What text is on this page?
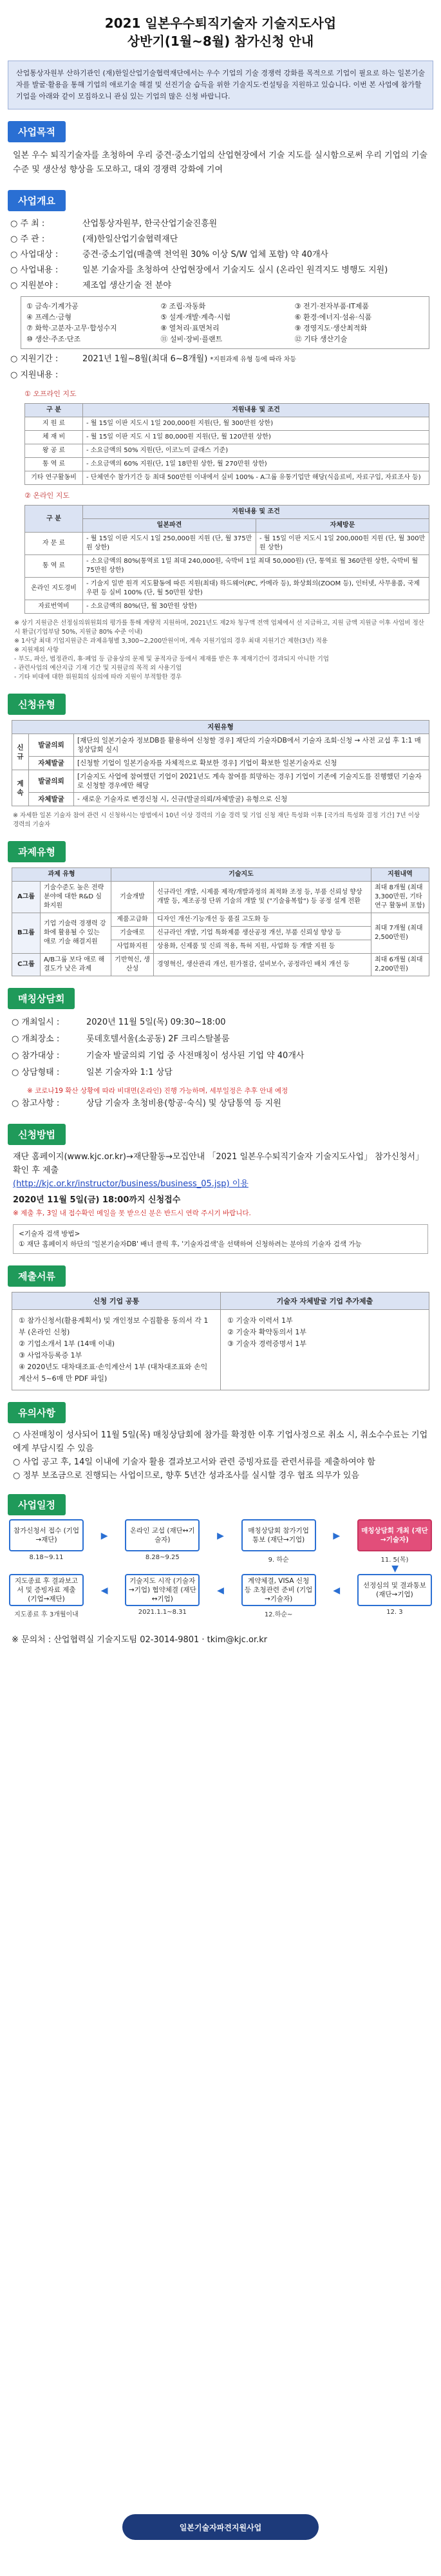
2021 일본우수퇴직기술자 기술지도사업
상반기(1월~8월) 참가신청 안내
산업통상자원부 산하기관인 (재)한일산업기술협력재단에서는 우수 기업의 기술 경쟁력 강화를 목적으로 기업이 필요로 하는 일본기술자를 발굴·활용을 통해 기업의 애로기술 해결 및 선진기술 습득을 위한 기술지도·컨설팅을 지원하고 있습니다. 이번 본 사업에 참가할 기업을 아래와 같이 모집하오니 관심 있는 기업의 많은 신청 바랍니다.
사업목적
일본 우수 퇴직기술자를 초청하여 우리 중견·중소기업의 산업현장에서 기술 지도를 실시함으로써 우리 기업의 기술수준 및 생산성 향상을 도모하고, 대외 경쟁력 강화에 기여
사업개요
○ 주 최 :	산업통상자원부, 한국산업기술진흥원
○ 주 관 :	(재)한일산업기술협력재단
○ 사업대상 :	중견·중소기업(매출액 천억원 30% 이상 S/W 업체 포함) 약 40개사
○ 사업내용 :	일본 기술자를 초청하여 산업현장에서 기술지도 실시 (온라인 원격지도 병행도 지원)
○ 지원분야 :	제조업 생산기술 전 분야
① 금속·기계가공	② 조립·자동화	③ 전기·전자부품·IT제품
④ 프레스·금형	⑤ 설계·개발·계측·시험	⑥ 환경·에너지·섬유·식품
⑦ 화학·고분자·고무·합성수지	⑧ 열처리·표면처리	⑨ 경영지도·생산최적화
⑩ 생산·주조·단조	⑪ 설비·장비·플랜트	⑫ 기타 생산기술
○ 지원기간 :	2021년 1월~8월(최대 6~8개월) *지원과제 유형 등에 따라 차등
○ 지원내용 :
① 오프라인 지도
구 분	지원내용 및 조건
지 원 료	- 월 15일 이판 지도시 1일 200,000원 지원(단, 월 300만원 상한)
체 재 비	- 월 15일 이판 지도 시 1일 80,000원 지원(단, 월 120만원 상한)
왕 공 료	- 소요금액의 50% 지원(단, 이코노미 클래스 기준)
통 역 료	- 소요금액의 60% 지원(단, 1일 18만원 상한, 월 270만원 상한)
기타 연구활동비	- 단체연수 참가기간 등 최대 500만원 이내에서 실비 100% - A그룹 유통기업만 해당(식음료비, 자료구입, 자료조사 등)
② 온라인 지도
구 분	지원내용 및 조건	
	일본파견	자체방문
자 문 료	- 월 15일 이판 지도시 1일 250,000원 지원 (단, 월 375만원 상한)	- 월 15일 이판 지도시 1일 200,000원 지원 (단, 월 300만원 상한)
통 역 료	- 소요금액의 80%(통역료 1일 최대 240,000원, 숙박비 1일 최대 50,000원) (단, 통역료 월 360만원 상한, 숙박비 월 75만원 상한)	
온라인 지도경비	- 기술지 일반 원격 지도활동에 따른 지원(최대) 하드웨어(PC, 카메라 등), 화상회의(ZOOM 등), 인터넷, 사무용품, 국제우편 등 실비 100% (단, 월 50만원 상한)	
자료번역비	- 소요금액의 80%(단, 월 30만원 상한)	
※ 상기 지원금은 선정심의위원회의 평가를 통해 계량적 지원하며, 2021년도 제2차 청구액 전액 업체에서 선 지급하고, 지원 금액 지원금 이후 사업비 정산 시 환급(기업부담 50%, 지원금 80% 수준 이내)
※ 1사당 최대 기업지원금은 과제유형별 3,300~2,200만원이며, 계속 지원기업의 경우 최대 지원기간 제한(3년) 적용
※ 지원제외 사항
- 부도, 파산, 법정관리, 휴·폐업 등 금융상의 문제 및 공적자금 등에서 제재를 받은 후 제재기간이 경과되지 아니한 기업
- 관련사업의 예산지급 기재 기간 및 지원금의 목적 외 사용기업
- 기타 비대에 대한 위원회의 심의에 따라 지원이 부적합한 경우
신청유형
지원유형		
신 규	발굴의뢰	[재단의 일본기술자 정보DB를 활용하여 신청할 경우] 재단의 기술자DB에서 기술자 조회·신청 → 사전 교섭 후 1:1 매칭상담회 실시
	자체발굴	[신청할 기업이 일본기술자를 자체적으로 확보한 경우] 기업이 확보한 일본기술자로 신청
계 속	발굴의뢰	[기술지도 사업에 참여했던 기업이 2021년도 계속 참여를 희망하는 경우] 기업이 기존에 기술지도를 진행했던 기술자로 신청할 경우에만 해당
	자체발굴	- 새로운 기술자로 변경신청 시, 신규(발굴의뢰/자체발굴) 유형으로 신청
※ 자세한 일본 기술자 참여 관련 시 신청하시는 방법에서 10년 이상 경력의 기술 경력 및 기업 신청 재단 특성화 이후 [국가의 특성화 결정 기간] 7년 이상 경력의 기술자
과제유형
과제 유형		기술지도		지원내역
A그룹	기술수준도 높은 전략분야에 대한 R&D 심화지원	기술개발	신규라인 개발, 시제품 제작/개발과정의 최적화 조정 등, 부품 신뢰성 향상 개발 등, 제조공정 단위 기술의 개발 및 ("기술융복합") 등 공정 설계 전환	최대 8개월 (최대 3,300만원, 기타 연구 활동비 포함)
B그룹	기업 기술력 경쟁력 강화에 활용될 수 있는 애로 기술 해결지원	제품고급화	디자인 개선·기능개선 등 품질 고도화 등	최대 7개월 (최대 2,500만원)
		기술애로	신규라인 개발, 기업 특화제품 생산공정 개선, 부품 신뢰성 향상 등	
		사업화지원	상용화, 신제품 및 신뢰 적용, 특허 지원, 사업화 등 개발 지원 등	
C그룹	A/B그룹 보다 애로 해결도가 낮은 과제	기반혁신, 생산성	경영혁신, 생산관리 개선, 원가절감, 설비보수, 공정라인 배치 개선 등	최대 6개월 (최대 2,200만원)
매칭상담회
○ 개최일시 :	2020년 11월 5일(목) 09:30~18:00
○ 개최장소 :	롯데호텔서울(소공동) 2F 크리스탈볼룸
○ 참가대상 :	기술자 발굴의뢰 기업 중 사전매칭이 성사된 기업 약 40개사
○ 상담형태 :	일본 기술자와 1:1 상담
※ 코로나19 확산 상황에 따라 비대면(온라인) 진행 가능하며, 세부일정은 추후 안내 예정
○ 참고사항 :	상담 기술자 초청비용(항공·숙식) 및 상담통역 등 지원
신청방법
재단 홈페이지(www.kjc.or.kr)→재단활동→모집안내 「2021 일본우수퇴직기술자 기술지도사업」 참가신청서」 확인 후 제출
(http://kjc.or.kr/instructor/business/business_05.jsp) 이용
2020년 11월 5일(금) 18:00까지 신청접수
※ 제출 후, 3일 내 접수확인 메일을 못 받으신 분은 반드시 연락 주시기 바랍니다.
<기술자 검색 방법>
① 재단 홈페이지 하단의 '일본기술자DB' 배너 클릭 후, '기술자검색'을 선택하여 신청하려는 분야의 기술자 검색 가능
제출서류
신청 기업 공통
① 참가신청서(활용계획서) 및 개인정보 수집활용 동의서 각 1부 (온라인 신청)
② 기업소개서 1부 (14매 이내)
③ 사업자등록증 1부
④ 2020년도 대차대조표·손익계산서 1부 (대차대조표와 손익계산서 5~6매 만 PDF 파일)
기술자 자체발굴 기업 추가제출
① 기술자 이력서 1부
② 기술자 확약동의서 1부
③ 기술자 경력증명서 1부
유의사항
○ 사전매칭이 성사되어 11월 5일(목) 매칭상담회에 참가를 확정한 이후 기업사정으로 취소 시, 취소수수료는 기업에게 부담시킬 수 있음
○ 사업 공고 후, 14일 이내에 기술자 활용 결과보고서와 관련 증빙자료를 관련서류를 제출하여야 함
○ 정부 보조금으로 진행되는 사업이므로, 향후 5년간 성과조사를 실시할 경우 협조 의무가 있음
사업일정
참가신청서 접수 (기업→재단)
8.18~9.11
▶	온라인 교섭 (재단↔기술자)
8.28~9.25
▶	매칭상담회 참가기업 통보 (재단→기업)
9. 하순
▶	매칭상담회 개최 (재단→기술자)
11. 5(목)
▼
지도종료 후 결과보고서 및 증빙자료 제출 (기업→재단)
지도종료 후 3개월이내
◀
기술지도 시작 (기술자→기업) 협약체결 (재단↔기업)
2021.1.1~8.31
◀
계약체결, VISA 신청 등 초청관련 준비 (기업→기술자)
12.하순~
◀	선정심의 및 결과통보 (재단→기업)
12. 3
※ 문의처 : 산업협력실 기술지도팀 02-3014-9801 · tkim@kjc.or.kr
일본기술자파견지원사업
